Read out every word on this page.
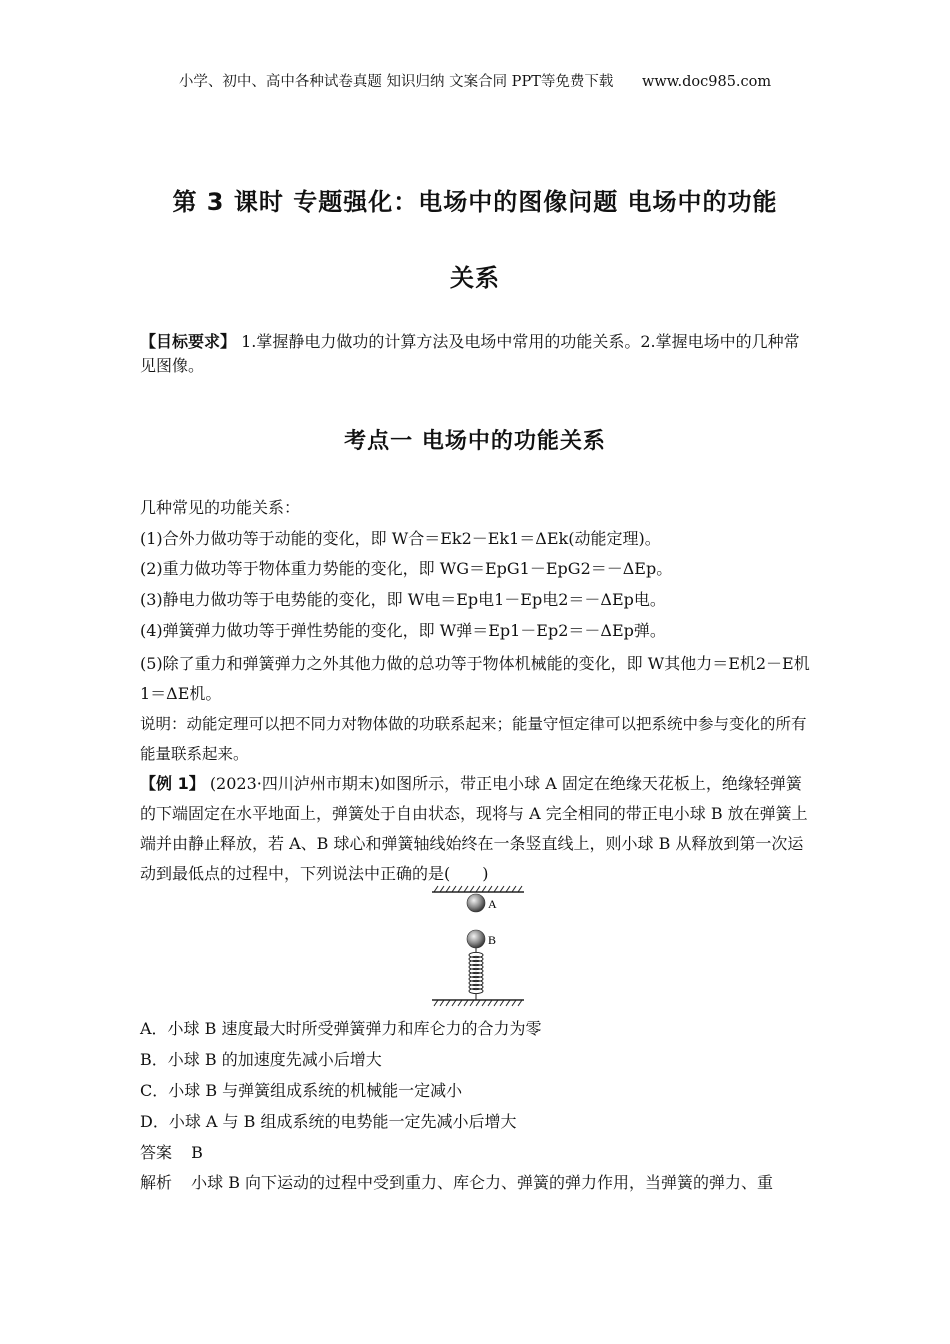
小学、初中、高中各种试卷真题 知识归纳 文案合同 PPT等免费下载 www.doc985.com
第 3 课时 专题强化：电场中的图像问题 电场中的功能
关系
【目标要求】 1.掌握静电力做功的计算方法及电场中常用的功能关系。2.掌握电场中的几种常见图像。
考点一 电场中的功能关系
几种常见的功能关系：
(1)合外力做功等于动能的变化，即 W合＝Ek2－Ek1＝ΔEk(动能定理)。
(2)重力做功等于物体重力势能的变化，即 WG＝EpG1－EpG2＝－ΔEp。
(3)静电力做功等于电势能的变化，即 W电＝Ep电1－Ep电2＝－ΔEp电。
(4)弹簧弹力做功等于弹性势能的变化，即 W弹＝Ep1－Ep2＝－ΔEp弹。
(5)除了重力和弹簧弹力之外其他力做的总功等于物体机械能的变化，即 W其他力＝E机2－E机1＝ΔE机。
说明：动能定理可以把不同力对物体做的功联系起来；能量守恒定律可以把系统中参与变化的所有能量联系起来。
【例 1】 (2023·四川泸州市期末)如图所示，带正电小球 A 固定在绝缘天花板上，绝缘轻弹簧的下端固定在水平地面上，弹簧处于自由状态，现将与 A 完全相同的带正电小球 B 放在弹簧上端并由静止释放，若 A、B 球心和弹簧轴线始终在一条竖直线上，则小球 B 从释放到第一次运动到最低点的过程中，下列说法中正确的是(　　)
A
B
A．小球 B 速度最大时所受弹簧弹力和库仑力的合力为零
B．小球 B 的加速度先减小后增大
C．小球 B 与弹簧组成系统的机械能一定减小
D．小球 A 与 B 组成系统的电势能一定先减小后增大
答案 B
解析 小球 B 向下运动的过程中受到重力、库仑力、弹簧的弹力作用，当弹簧的弹力、重
